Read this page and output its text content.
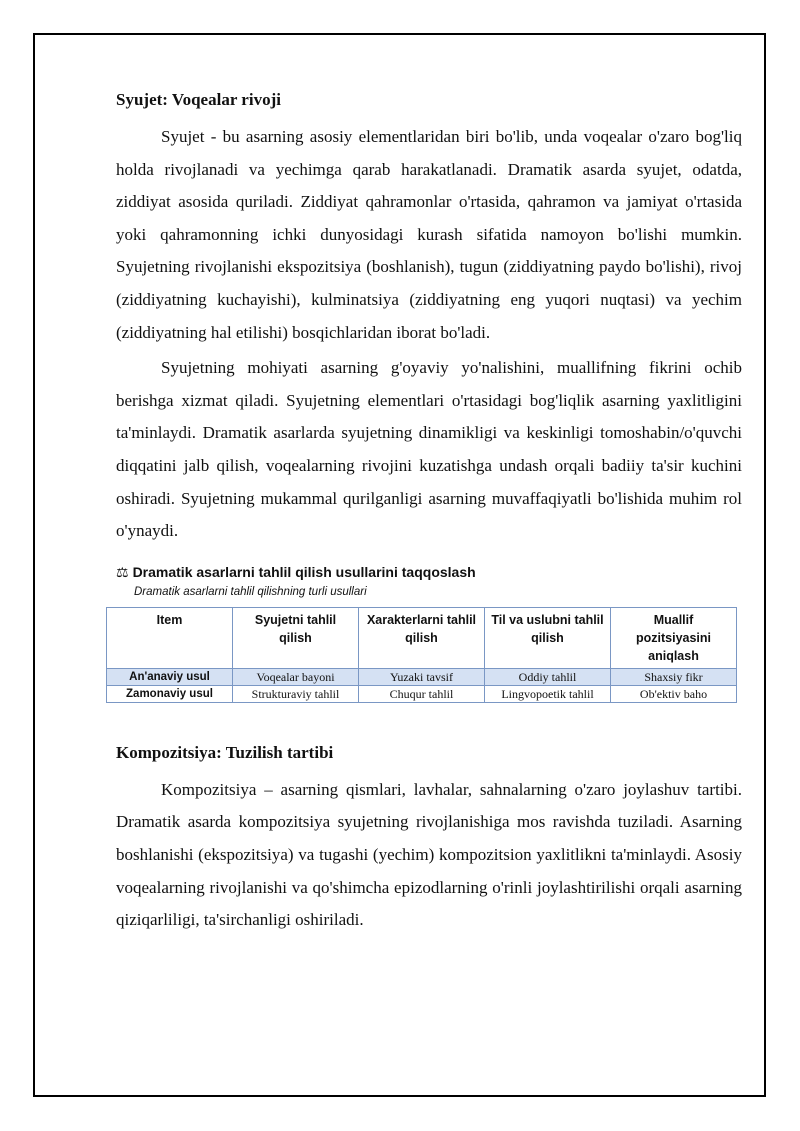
Syujet: Voqealar rivoji

Syujet - bu asarning asosiy elementlaridan biri bo'lib, unda voqealar o'zaro bog'liq holda rivojlanadi va yechimga qarab harakatlanadi. Dramatik asarda syujet, odatda, ziddiyat asosida quriladi. Ziddiyat qahramonlar o'rtasida, qahramon va jamiyat o'rtasida yoki qahramonning ichki dunyosidagi kurash sifatida namoyon bo'lishi mumkin. Syujetning rivojlanishi ekspozitsiya (boshlanish), tugun (ziddiyatning paydo bo'lishi), rivoj (ziddiyatning kuchayishi), kulminatsiya (ziddiyatning eng yuqori nuqtasi) va yechim (ziddiyatning hal etilishi) bosqichlaridan iborat bo'ladi.

Syujetning mohiyati asarning g'oyaviy yo'nalishini, muallifning fikrini ochib berishga xizmat qiladi. Syujetning elementlari o'rtasidagi bog'liqlik asarning yaxlitligini ta'minlaydi. Dramatik asarlarda syujetning dinamikligi va keskinligi tomoshabin/o'quvchi diqqatini jalb qilish, voqealarning rivojini kuzatishga undash orqali badiiy ta'sir kuchini oshiradi. Syujetning mukammal qurilganligi asarning muvaffaqiyatli bo'lishida muhim rol o'ynaydi.

⚖ Dramatik asarlarni tahlil qilish usullarini taqqoslash
Dramatik asarlarni tahlil qilishning turli usullari
Item	Syujetni tahlil qilish	Xarakterlarni tahlil qilish	Til va uslubni tahlil qilish	Muallif pozitsiyasini aniqlash
An'anaviy usul	Voqealar bayoni	Yuzaki tavsif	Oddiy tahlil	Shaxsiy fikr
Zamonaviy usul	Strukturaviy tahlil	Chuqur tahlil	Lingvopoetik tahlil	Ob'ektiv baho
Kompozitsiya: Tuzilish tartibi

Kompozitsiya – asarning qismlari, lavhalar, sahnalarning o'zaro joylashuv tartibi. Dramatik asarda kompozitsiya syujetning rivojlanishiga mos ravishda tuziladi. Asarning boshlanishi (ekspozitsiya) va tugashi (yechim) kompozitsion yaxlitlikni ta'minlaydi. Asosiy voqealarning rivojlanishi va qo'shimcha epizodlarning o'rinli joylashtirilishi orqali asarning qiziqarliligi, ta'sirchanligi oshiriladi.
